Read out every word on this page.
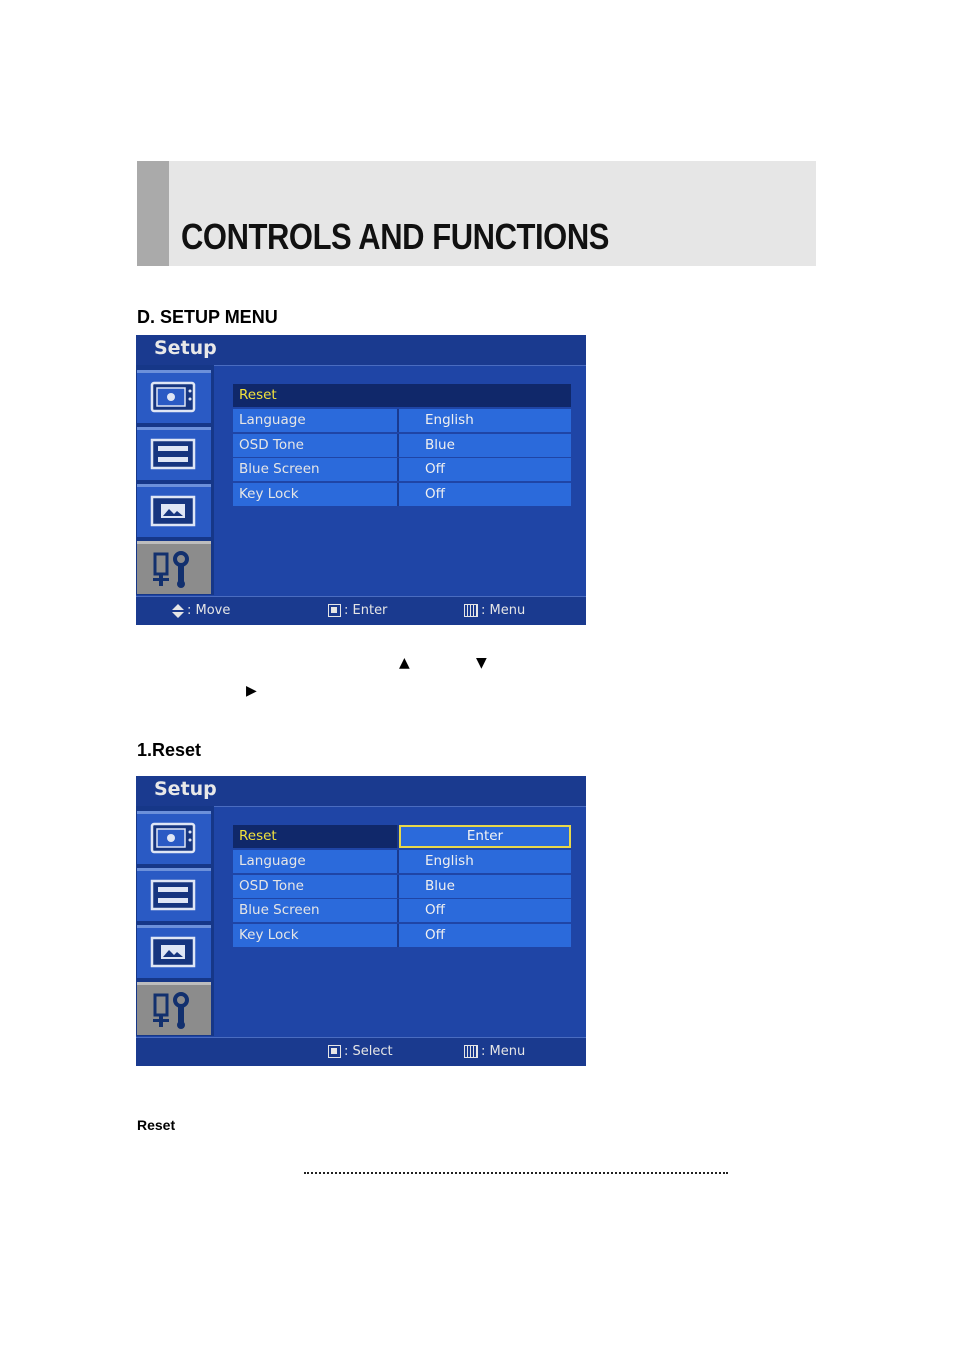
CONTROLS AND FUNCTIONS
D. SETUP MENU
Setup
Reset
Language	English
OSD Tone	Blue
Blue Screen	Off
Key Lock	Off
: Move	: Enter	: Menu
▲	▼
▶
1.Reset
Setup
Reset	Enter
Language	English
OSD Tone	Blue
Blue Screen	Off
Key Lock	Off
: Select	: Menu
Reset
